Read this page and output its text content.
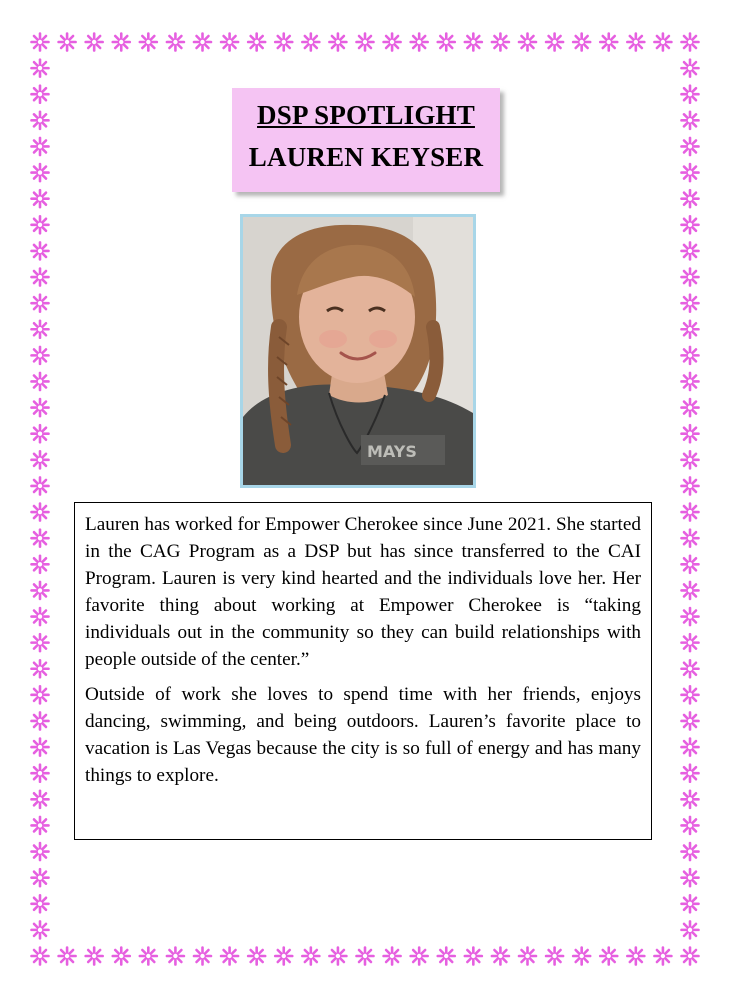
DSP SPOTLIGHT
LAUREN KEYSER
MAYS

Lauren has worked for Empower Cherokee since June 2021. She started in the CAG Program as a DSP but has since transferred to the CAI Program. Lauren is very kind hearted and the individuals love her. Her favorite thing about working at Empower Cherokee is “taking individuals out in the community so they can build relationships with people outside of the center.”

Outside of work she loves to spend time with her friends, enjoys dancing, swimming, and being outdoors. Lauren’s favorite place to vacation is Las Vegas because the city is so full of energy and has many things to explore.
